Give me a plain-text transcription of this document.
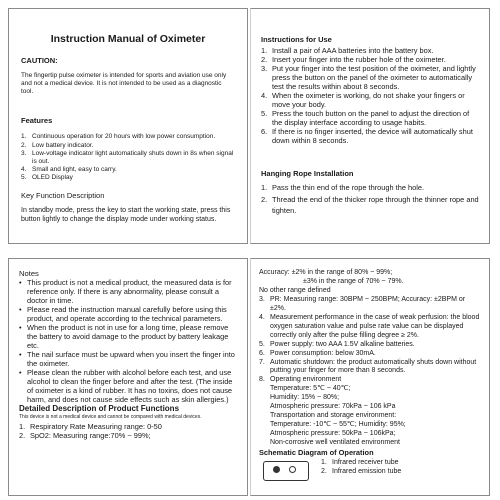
Instruction Manual of Oximeter
CAUTION:
The fingertip pulse oximeter is intended for sports and aviation use only and not a medical device. It is not intended to be used as a diagnostic tool.
Features
1. Continuous operation for 20 hours with low power consumption.
2. Low battery indicator.
3. Low-voltage indicator light automatically shuts down in 8s when signal is out.
4. Small and light, easy to carry.
5. OLED Display
Key Function Description
In standby mode, press the key to start the working state, press this button lightly to change the display mode under working status.
Instructions for Use
1. Install a pair of AAA batteries into the battery box.
2. Insert your finger into the rubber hole of the oximeter.
3. Put your finger into the test position of the oximeter, and lightly press the button on the panel of the oximeter to automatically test the results within about 8 seconds.
4. When the oximeter is working, do not shake your fingers or move your body.
5. Press the touch button on the panel to adjust the direction of the display interface according to usage habits.
6. If there is no finger inserted, the device will automatically shut down within 8 seconds.
Hanging Rope Installation
1. Pass the thin end of the rope through the hole.
2. Thread the end of the thicker rope through the thinner rope and tighten.
Notes
• This product is not a medical product, the measured data is for reference only. If there is any abnormality, please consult a doctor in time.
• Please read the instruction manual carefully before using this product, and operate according to the technical parameters.
• When the product is not in use for a long time, please remove the battery to avoid damage to the product by battery leakage etc.
• The nail surface must be upward when you insert the finger into the oximeter.
• Please clean the rubber with alcohol before each test, and use alcohol to clean the finger before and after the test. (The inside of oximeter is a kind of rubber. It has no toxins, does not cause harm, and does not cause side effects such as skin allergies.)
Detailed Description of Product Functions
This device is not a medical device and cannot be compared with medical devices.
1. Respiratory Rate Measuring range: 0-50
2. SpO2: Measuring range:70% ~ 99%;
Accuracy: ±2% in the range of 80% ~ 99%;
±3% in the range of 70% ~ 79%.
No other range defined
3. PR: Measuring range: 30BPM ~ 250BPM; Accuracy: ±2BPM or ±2%.
4. Measurement performance in the case of weak perfusion: the blood oxygen saturation value and pulse rate value can be displayed correctly only after the pulse filling degree ≥ 2%.
5. Power supply: two AAA 1.5V alkaline batteries.
6. Power consumption: below 30mA.
7. Automatic shutdown: the product automatically shuts down without putting your finger for more than 8 seconds.
8. Operating environment
Temperature: 5℃ ~ 40℃;
Humidity: 15% ~ 80%;
Atmospheric pressure: 70kPa ~ 106 kPa
Transportation and storage environment:
Temperature: -10℃ ~ 55℃; Humidity: 95%;
Atmospheric pressure: 50kPa ~ 106kPa;
Non-corrosive well ventilated environment
Schematic Diagram of Operation
1. Infrared receiver tube
2. Infrared emission tube
